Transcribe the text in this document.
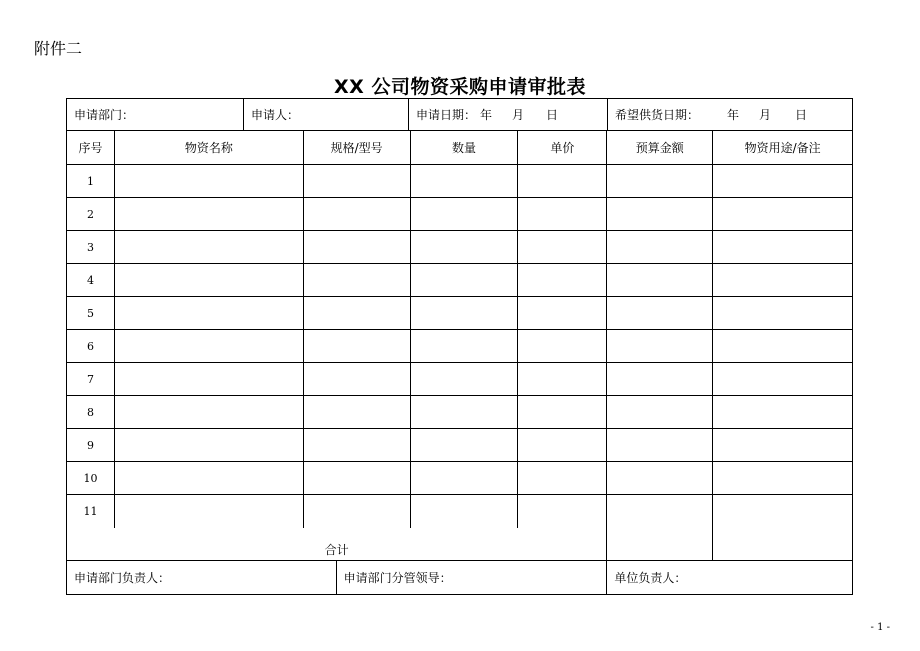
附件二
XX 公司物资采购申请审批表
申请部门：	申请人：	申请日期： 年 月 日	希望供货日期： 年 月 日
序号	物资名称	规格/型号	数量	单价	预算金额	物资用途/备注
1
2
3
4
5
6
7
8
9
10
11
合计
申请部门负责人：	申请部门分管领导：	单位负责人：
- 1 -
